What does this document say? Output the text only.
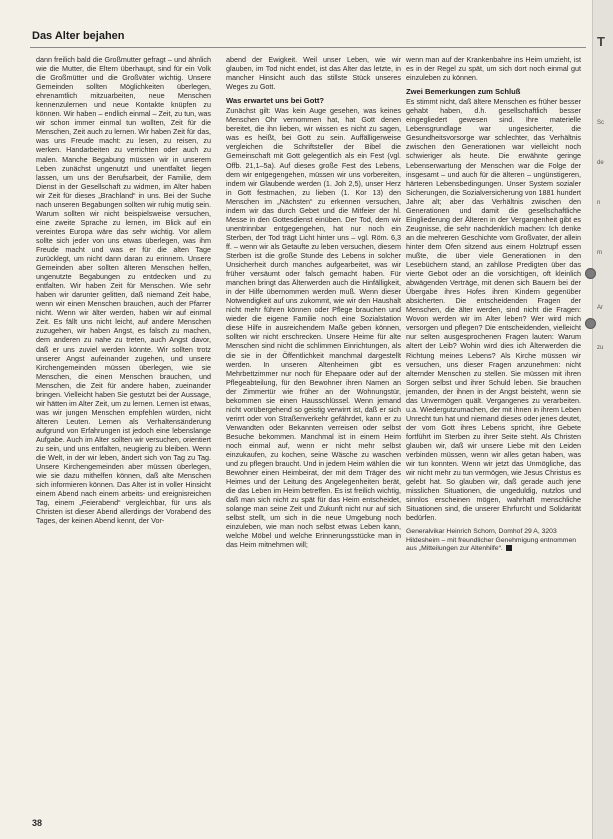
Das Alter bejahen

dann freilich bald die Großmutter gefragt – und ähnlich wie die Mutter, die Eltern überhaupt, sind für ein Volk die Großmütter und die Großväter wichtig. Unsere Gemeinden sollten Möglichkeiten überlegen, ehrenamtlich mitzuarbeiten, neue Menschen kennenzulernen und neue Kontakte knüpfen zu können. Wir haben – endlich einmal – Zeit, zu tun, was wir schon immer einmal tun wollten, Zeit für die Menschen, Zeit auch zu lernen. Wir haben Zeit für das, was uns Freude macht: zu lesen, zu reisen, zu werken. Handarbeiten zu verrichten oder auch zu malen. Manche Begabung müssen wir in unserem Leben zunächst ungenutzt und unentfaltet liegen lassen, um uns der Berufsarbeit, der Familie, dem Dienst in der Gesellschaft zu widmen, im Alter haben wir Zeit für dieses „Brachland“ in uns. Bei der Suche nach unseren Begabungen sollten wir ruhig mutig sein. Warum sollten wir nicht beispielsweise versuchen, eine zweite Sprache zu lernen, im Blick auf ein vereintes Europa wäre das sehr wichtig. Vor allem sollte sich jeder von uns etwas überlegen, was ihm Freude macht und was er für die alten Tage zurücklegt, um nicht dann daran zu erinnern. Unsere Gemeinden aber sollten älteren Menschen helfen, ungenutzte Begabungen zu entdecken und zu entfalten. Wir haben Zeit für Menschen. Wie sehr haben wir darunter gelitten, daß niemand Zeit habe, wenn wir einen Menschen brauchen, auch der Pfarrer nicht. Wenn wir älter werden, haben wir auf einmal Zeit. Es fällt uns nicht leicht, auf andere Menschen zuzugehen, wir haben Angst, es falsch zu machen, dem anderen zu nahe zu treten, auch Angst davor, daß er uns zuviel werden könnte. Wir sollten trotz unserer Angst aufeinander zugehen, und unsere Kirchengemeinden müssen überlegen, wie sie Menschen, die einen Menschen brauchen, und Menschen, die Zeit für andere haben, zueinander bringen. Vielleicht haben Sie gestutzt bei der Aussage, wir hätten im Alter Zeit, um zu lernen. Lernen ist etwas, was wir jungen Menschen empfehlen würden, nicht älteren Leuten. Lernen als Verhaltensänderung aufgrund von Erfahrungen ist jedoch eine lebenslange Aufgabe. Auch im Alter sollten wir versuchen, orientiert zu sein, und uns entfalten, neugierig zu bleiben. Wenn die Welt, in der wir leben, ändert sich von Tag zu Tag. Unsere Kirchengemeinden aber müssen überlegen, wie sie dazu mithelfen können, daß alte Menschen sich informieren können. Das Alter ist in voller Hinsicht einem Abend nach einem arbeits- und ereignisreichen Tag, einem „Feierabend“ vergleichbar, für uns als Christen ist dieser Abend allerdings der Vorabend des Tages, der keinen Abend kennt, der Vor-

abend der Ewigkeit. Weil unser Leben, wie wir glauben, im Tod nicht endet, ist das Alter das letzte, in mancher Hinsicht auch das stillste Stück unseres Weges zu Gott.

Was erwartet uns bei Gott?

Zunächst gilt: Was kein Auge gesehen, was keines Menschen Ohr vernommen hat, hat Gott denen bereitet, die ihn lieben, wir wissen es nicht zu sagen, was es heißt, bei Gott zu sein. Auffälligerweise vergleichen die Schriftsteller der Bibel die Gemeinschaft mit Gott gelegentlich als ein Fest (vgl. Offb. 21,1–5a). Auf dieses große Fest des Lebens, dem wir entgegengehen, müssen wir uns vorbereiten, indem wir Glaubende werden (1. Joh 2,5), unser Herz in Gott festmachen, zu lieben (1. Kor 13) den Menschen im „Nächsten“ zu erkennen versuchen, indem wir das durch Gebet und die Mitfeier der hl. Messe in den Gottesdienst einüben. Der Tod, dem wir unentrinnbar entgegengehen, hat nur noch ein Sterben, der Tod trägt Licht hinter uns – vgl. Röm. 6,3 ff. – wenn wir als Getaufte zu leben versuchen, diesem Sterben ist die große Stunde des Lebens in solcher Unsicherheit durch manches aufgearbeitet, was wir früher versäumt oder falsch gemacht haben. Für manchen bringt das Älterwerden auch die Hinfälligkeit, in der Hilfe übernommen werden muß. Wenn dieser Notwendigkeit auf uns zukommt, wie wir den Haushalt nicht mehr führen können oder Pflege brauchen und wieder die eigene Familie noch eine Sozialstation diese Hilfe in ausreichendem Maße geben können, sollten wir nicht erschrecken. Unsere Heime für alte Menschen sind nicht die schlimmen Einrichtungen, als die sie in der Öffentlichkeit manchmal dargestellt werden. In unseren Altenheimen gibt es Mehrbettzimmer nur noch für Ehepaare oder auf der Pflegeabteilung, für den Bewohner ihren Namen an der Zimmertür wie früher an der Wohnungstür, bekommen sie einen Hausschlüssel. Wenn jemand nicht vorübergehend so geistig verwirrt ist, daß er sich verirrt oder von Straßenverkehr gefährdet, kann er zu Verwandten oder Bekannten verreisen oder selbst Besuche bekommen. Manchmal ist in einem Heim noch einmal auf, wenn er nicht mehr selbst einzukaufen, zu kochen, seine Wäsche zu waschen und zu pflegen braucht. Und in jedem Heim wählen die Bewohner einen Heimbeirat, der mit dem Träger des Heimes und der Leitung des Angelegenheiten berät, die das Leben im Heim betreffen. Es ist freilich wichtig, daß man sich nicht zu spät für das Heim entscheidet, solange man seine Zeit und Zukunft nicht nur auf sich selbst stellt, um sich in die neue Umgebung noch einzuleben, wie man noch selbst etwas Leben kann, welche Möbel und welche Erinnerungsstücke man in das Heim mitnehmen will;

wenn man auf der Krankenbahre ins Heim umzieht, ist es in der Regel zu spät, um sich dort noch einmal gut einzuleben zu können.

Zwei Bemerkungen zum Schluß

Es stimmt nicht, daß ältere Menschen es früher besser gehabt haben, d.h. gesellschaftlich besser eingegliedert gewesen sind. Ihre materielle Lebensgrundlage war ungesicherter, die Gesundheitsvorsorge war schlechter, das Verhältnis zwischen den Generationen war vielleicht noch schwieriger als heute. Die erwähnte geringe Lebenserwartung der Menschen war die Folge der insgesamt – und auch für die älteren – ungünstigeren, härteren Lebensbedingungen. Unser System sozialer Sicherungen, die Sozialversicherung von 1881 hundert Jahre alt; aber das Verhältnis zwischen den Generationen und damit die gesellschaftliche Eingliederung der Älteren in der Vergangenheit gibt es Zeugnisse, die sehr nachdenklich machen: Ich denke an die mehreren Geschichte vom Großvater, der allein hinter dem Ofen sitzend aus einem Holztrupf essen mußte, die über viele Generationen in den Lesebüchern stand, an zahllose Predigten über das vierte Gebot oder an die vorsichtigen, oft kleinlich abwägenden Verträge, mit denen sich Bauern bei der Übergabe ihres Hofes ihren Kindern gegenüber absicherten. Die entscheidenden Fragen der Menschen, die älter werden, sind nicht die Fragen: Wovon werden wir im Alter leben? Wer wird mich versorgen und pflegen? Die entscheidenden, vielleicht nur selten ausgesprochenen Fragen lauten: Warum altert der Leib? Wohin wird dies ich Älterwerden die Richtung meines Lebens? Als Kirche müssen wir versuchen, uns dieser Fragen anzunehmen: nicht alternder Menschen zu stellen. Sie müssen mit ihren Sorgen selbst und ihrer Schuld leben. Sie brauchen jemanden, der ihnen in der Angst beisteht, wenn sie das Unvermögen quält. Vergangenes zu verarbeiten. u.a. Wiedergutzumachen, der mit ihnen in ihrem Leben Unrecht tun hat und niemand dieses oder jenes deutet, der vom Gott ihres Lebens spricht, ihre Gebete fortführt im Sterben zu ihrer Seite steht. Als Christen glauben wir, daß wir unsere Liebe mit den Leiden verbinden müssen, wenn wir alles getan haben, was wir tun konnten. Wenn wir jetzt das Unmögliche, das wir nicht mehr zu tun vermögen, wie Jesus Christus es gelebt hat. So glauben wir, daß gerade auch jene misslichen Situationen, die ungeduldig, nutzlos und sinnlos erscheinen mögen, wahrhaft menschliche Situationen sind, die unserer Ehrfurcht und Solidarität bedürfen.

Generalvikar Heinrich Schorn, Domhof 29 A, 3203 Hildesheim – mit freundlicher Genehmigung entnommen aus „Mitteilungen zur Altenhilfe“.

38
T
Sc
de
n
m
Ar
zu
